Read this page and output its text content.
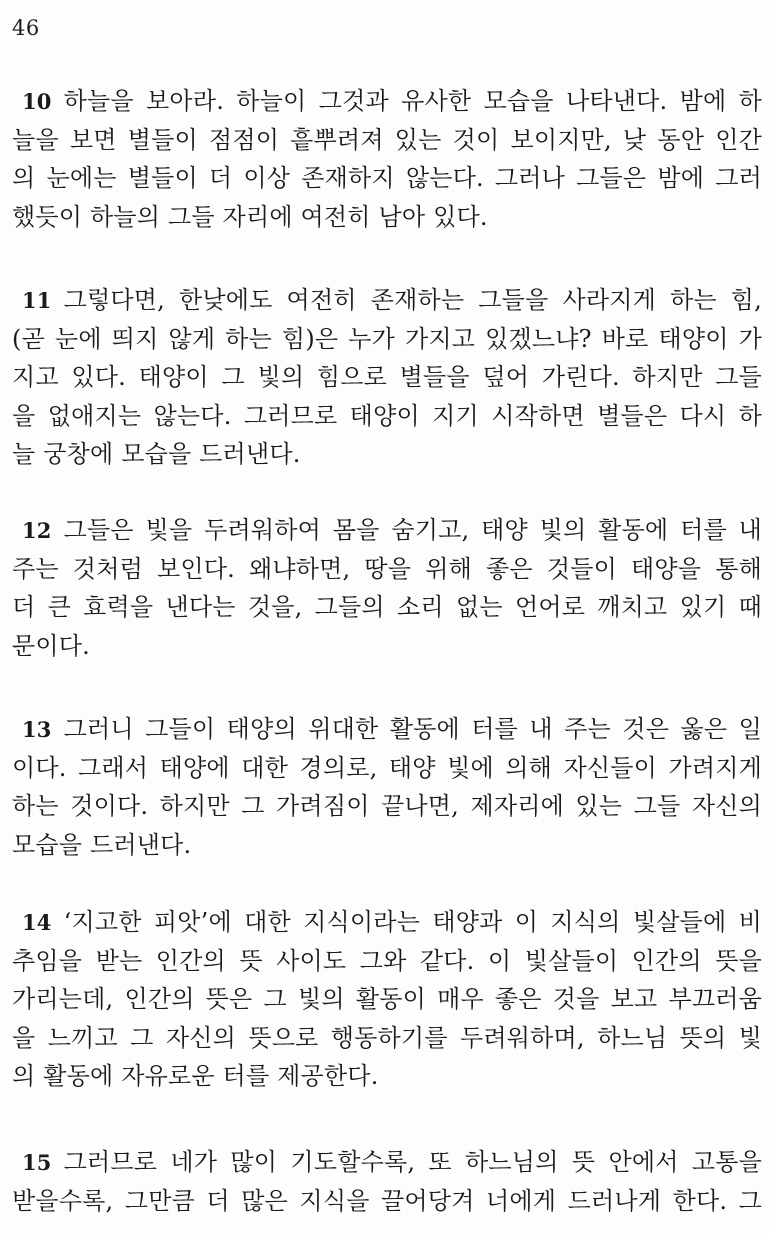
46
10 하늘을 보아라. 하늘이 그것과 유사한 모습을 나타낸다. 밤에 하
늘을 보면 별들이 점점이 흩뿌려져 있는 것이 보이지만, 낮 동안 인간
의 눈에는 별들이 더 이상 존재하지 않는다. 그러나 그들은 밤에 그러
했듯이 하늘의 그들 자리에 여전히 남아 있다.
11 그렇다면, 한낮에도 여전히 존재하는 그들을 사라지게 하는 힘,
(곧 눈에 띄지 않게 하는 힘)은 누가 가지고 있겠느냐? 바로 태양이 가
지고 있다. 태양이 그 빛의 힘으로 별들을 덮어 가린다. 하지만 그들
을 없애지는 않는다. 그러므로 태양이 지기 시작하면 별들은 다시 하
늘 궁창에 모습을 드러낸다.
12 그들은 빛을 두려워하여 몸을 숨기고, 태양 빛의 활동에 터를 내
주는 것처럼 보인다. 왜냐하면, 땅을 위해 좋은 것들이 태양을 통해
더 큰 효력을 낸다는 것을, 그들의 소리 없는 언어로 깨치고 있기 때
문이다.
13 그러니 그들이 태양의 위대한 활동에 터를 내 주는 것은 옳은 일
이다. 그래서 태양에 대한 경의로, 태양 빛에 의해 자신들이 가려지게
하는 것이다. 하지만 그 가려짐이 끝나면, 제자리에 있는 그들 자신의
모습을 드러낸다.
14 ‘지고한 피앗’에 대한 지식이라는 태양과 이 지식의 빛살들에 비
추임을 받는 인간의 뜻 사이도 그와 같다. 이 빛살들이 인간의 뜻을
가리는데, 인간의 뜻은 그 빛의 활동이 매우 좋은 것을 보고 부끄러움
을 느끼고 그 자신의 뜻으로 행동하기를 두려워하며, 하느님 뜻의 빛
의 활동에 자유로운 터를 제공한다.
15 그러므로 네가 많이 기도할수록, 또 하느님의 뜻 안에서 고통을
받을수록, 그만큼 더 많은 지식을 끌어당겨 너에게 드러나게 한다. 그
